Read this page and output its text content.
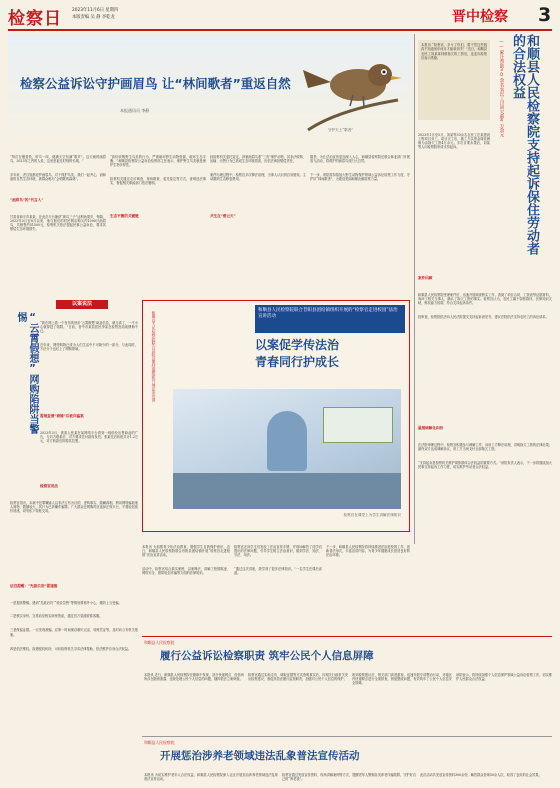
检察日	2023年11月6日 星期四
本版责编 吴 静 李乾龙	晋中检察	3
检察公益诉讼守护画眉鸟 让“林间歌者”重返自然
本报通讯员 李静
守护天上“歌者”

“每次在檀香枝，听鸟一叫，便满天空布满“歌声”。这天就的画眉鸟，2023年之内的人说，这里是祖先时刻的长城。”

多年来，老百姓都爱护画眉鸟，对于保护鸟类，我们一起齐心，而和谐的自然生态环境，被群众称为“会唱歌的森林”。

“画眉鸟”的“代言人”

甘肃省和平乡某某，在此次平台捕获“黄鸟三子”达利鱼果乡，每隔，2023年3月至8月以来，他与他们的村民网店购买约1000只画眉鸟，共销售约51500元，检察机关依法提起民事公益诉讼，要求其赔偿生态环境损失。

“高价收购野生鸟类的行为，严重破坏野生动物资源，破坏生态平衡。”和顺县检察院公益诉讼检察部主任表示，保护野生鸟类就是保护生物多样性。

检察机关通过走访调查、现场勘查、委托鉴定等方式，查明违法事实，督促相关职能部门依法履职。

经检察机关委托鉴定，涉案画眉鸟系“三有”保护动物，其非法收购、运输、出售行为已造成生态环境损害，应依法承担赔偿责任。

案件办理过程中，检察官多次释法说理，当事人认识到自身错误，主动缴纳生态修复费用。

共生在“碧云天”

据悉，为让法治宣传更加深入人心，和顺县检察院还联合林业部门开展放飞活动，将救护的画眉鸟放归大自然。

下一步，该院将持续加大野生动物保护领域公益诉讼检察工作力度，守护好“林间歌者”，为建设美丽和顺贡献检察力量。

生态平衡的关键链
本报讯 “检察官，多亏了你们，要不然这些钱真不知道何年何月才能拿到手！”近日，和顺县农民工刘某拿到被拖欠的工资后，连连向检察官表示感谢。	和顺县人民检察院支持起诉保住劳动者的合法权益
——累计帮助30余名农民工讨回欠薪4万余元

2023年1月至5月，刘某等30余名农民工在某建设工程项目务工，项目完工后，施工方以资金周转困难为由拖欠工资4万余元。多次讨要未果后，刘某等人向检察院申请支持起诉。

案件回顾

和顺县人民检察院受理案件后，迅速开展调查核实工作，查阅了项目合同、工资表等证据材料，询问了相关当事人，确认了拖欠工资的事实。检察官认为，农民工属于弱势群体，法律知识欠缺，维权能力较弱，符合支持起诉条件。

经审查，检察院依法向人民法院提交支持起诉意见书，建议法院依法支持农民工的诉讼请求。

温情调解化纠纷

在法院审理过程中，检察官积极参与调解工作，向用工方释法说理，讲明拖欠工资的法律后果。最终双方达成调解协议，用工方当场支付全部拖欠工资。

“支持起诉是检察机关维护弱势群体合法权益的重要方式。”该院负责人表示，下一步将继续加大民事支持起诉工作力度，切实维护劳动者合法权益。

以案说法
“云霄假想”网购陷阱当警惕

“我在网上看一个发布的低价‘云霄假想’商品信息，就当真了，一不小心就掉进了陷阱。”日前，晋中市某县居民李某在检察官面前懊悔不已。

近年来，网络购物已成为人们生活中不可缺少的一部分，与此同时，不法分子也盯上了网购领域。

需理查清“商铺”后被诈骗案

2023年3月，被害人张某在某网络平台看到一则低价出售商品的广告，与对方联系后，对方要求先付款再发货。张某先后转账共计1.2万元，对方收款后即将其拉黑。

检察官说法

检察官指出，本案中犯罪嫌疑人以非法占有为目的，虚构事实、隐瞒真相，利用网络骗取他人财物，数额较大，其行为已涉嫌诈骗罪。广大群众在网购时应选择正规平台，不要轻信低价诱惑，切勿私下转账交易。

法官提醒：“先款后货”需谨慎

一是提高警惕。遇到“先款后货”“低价急售”等情形要格外小心，谨防上当受骗。

二是核实身份。交易前应核实商家资质，通过官方渠道联系客服。

三是保留证据。一旦发现被骗，应第一时间保存聊天记录、转账凭证等，及时向公安机关报案。

四是依法维权。如遇侵权纠纷，可向检察机关寻求法律帮助，依法维护自身合法权益。

和顺县人民检察院联合昔阳县团结镇组织开展的“检察官走进校园”法治宣讲活动
以案促学传法治
青春同行护成长
和顺县人民检察院联合昔阳县团结镇组织开展法治宣讲
检察官在课堂上为学生讲解法律知识

本报讯 为加强青少年法治教育，增强学生自我保护意识，近日，和顺县人民检察院联合昔阳县团结镇开展“检察官走进校园”法治宣讲活动。

活动中，检察官结合真实案例，以案释法，讲解了校园欺凌、网络安全、预防电信诈骗等方面的法律知识。

检察官还向学生们发放了法治宣传手册，并现场解答了同学们提出的法律问题，引导学生树立法治意识，做到学法、知法、守法、用法。

“通过这次讲座，我学到了很多法律知识。”一名学生在课后说道。

下一步，和顺县人民检察院将持续推进法治进校园工作，创新普法形式，丰富宣讲内容，为青少年健康成长营造良好的法治环境。

和顺县人民检察院
履行公益诉讼检察职责 筑牢公民个人信息屏障

本报讯 近日，和顺县人民检察院在履职中发现，部分快递网点、经营场所存在随意泄露、违规处理公民个人信息的问题，随即依法立案调查。

检察官通过实地走访、调取证据等方式查明事实后，向相关行政机关发出检察建议，督促其依法履行监管职责，加强对公民个人信息的保护。

收到检察建议后，相关部门高度重视，迅速开展专项整治行动，对辖区内快递网点进行全面排查，督促整改问题，有效筑牢了公民个人信息安全屏障。

该院表示，将持续加强个人信息保护领域公益诉讼检察工作，切实维护人民群众合法权益。

和顺县人民检察院
开展惩治涉养老领域违法乱象普法宣传活动

本报讯 为切实维护老年人合法权益，和顺县人民检察院深入社区开展惩治涉养老领域违法乱象普法宣传活动。

检察官通过发放宣传资料、现场讲解案例等方式，提醒老年人警惕各类养老诈骗陷阱，守护好自己的“养老钱”。

此次活动共发放宣传资料300余份，解答群众咨询50余人次，取得了良好的社会效果。
